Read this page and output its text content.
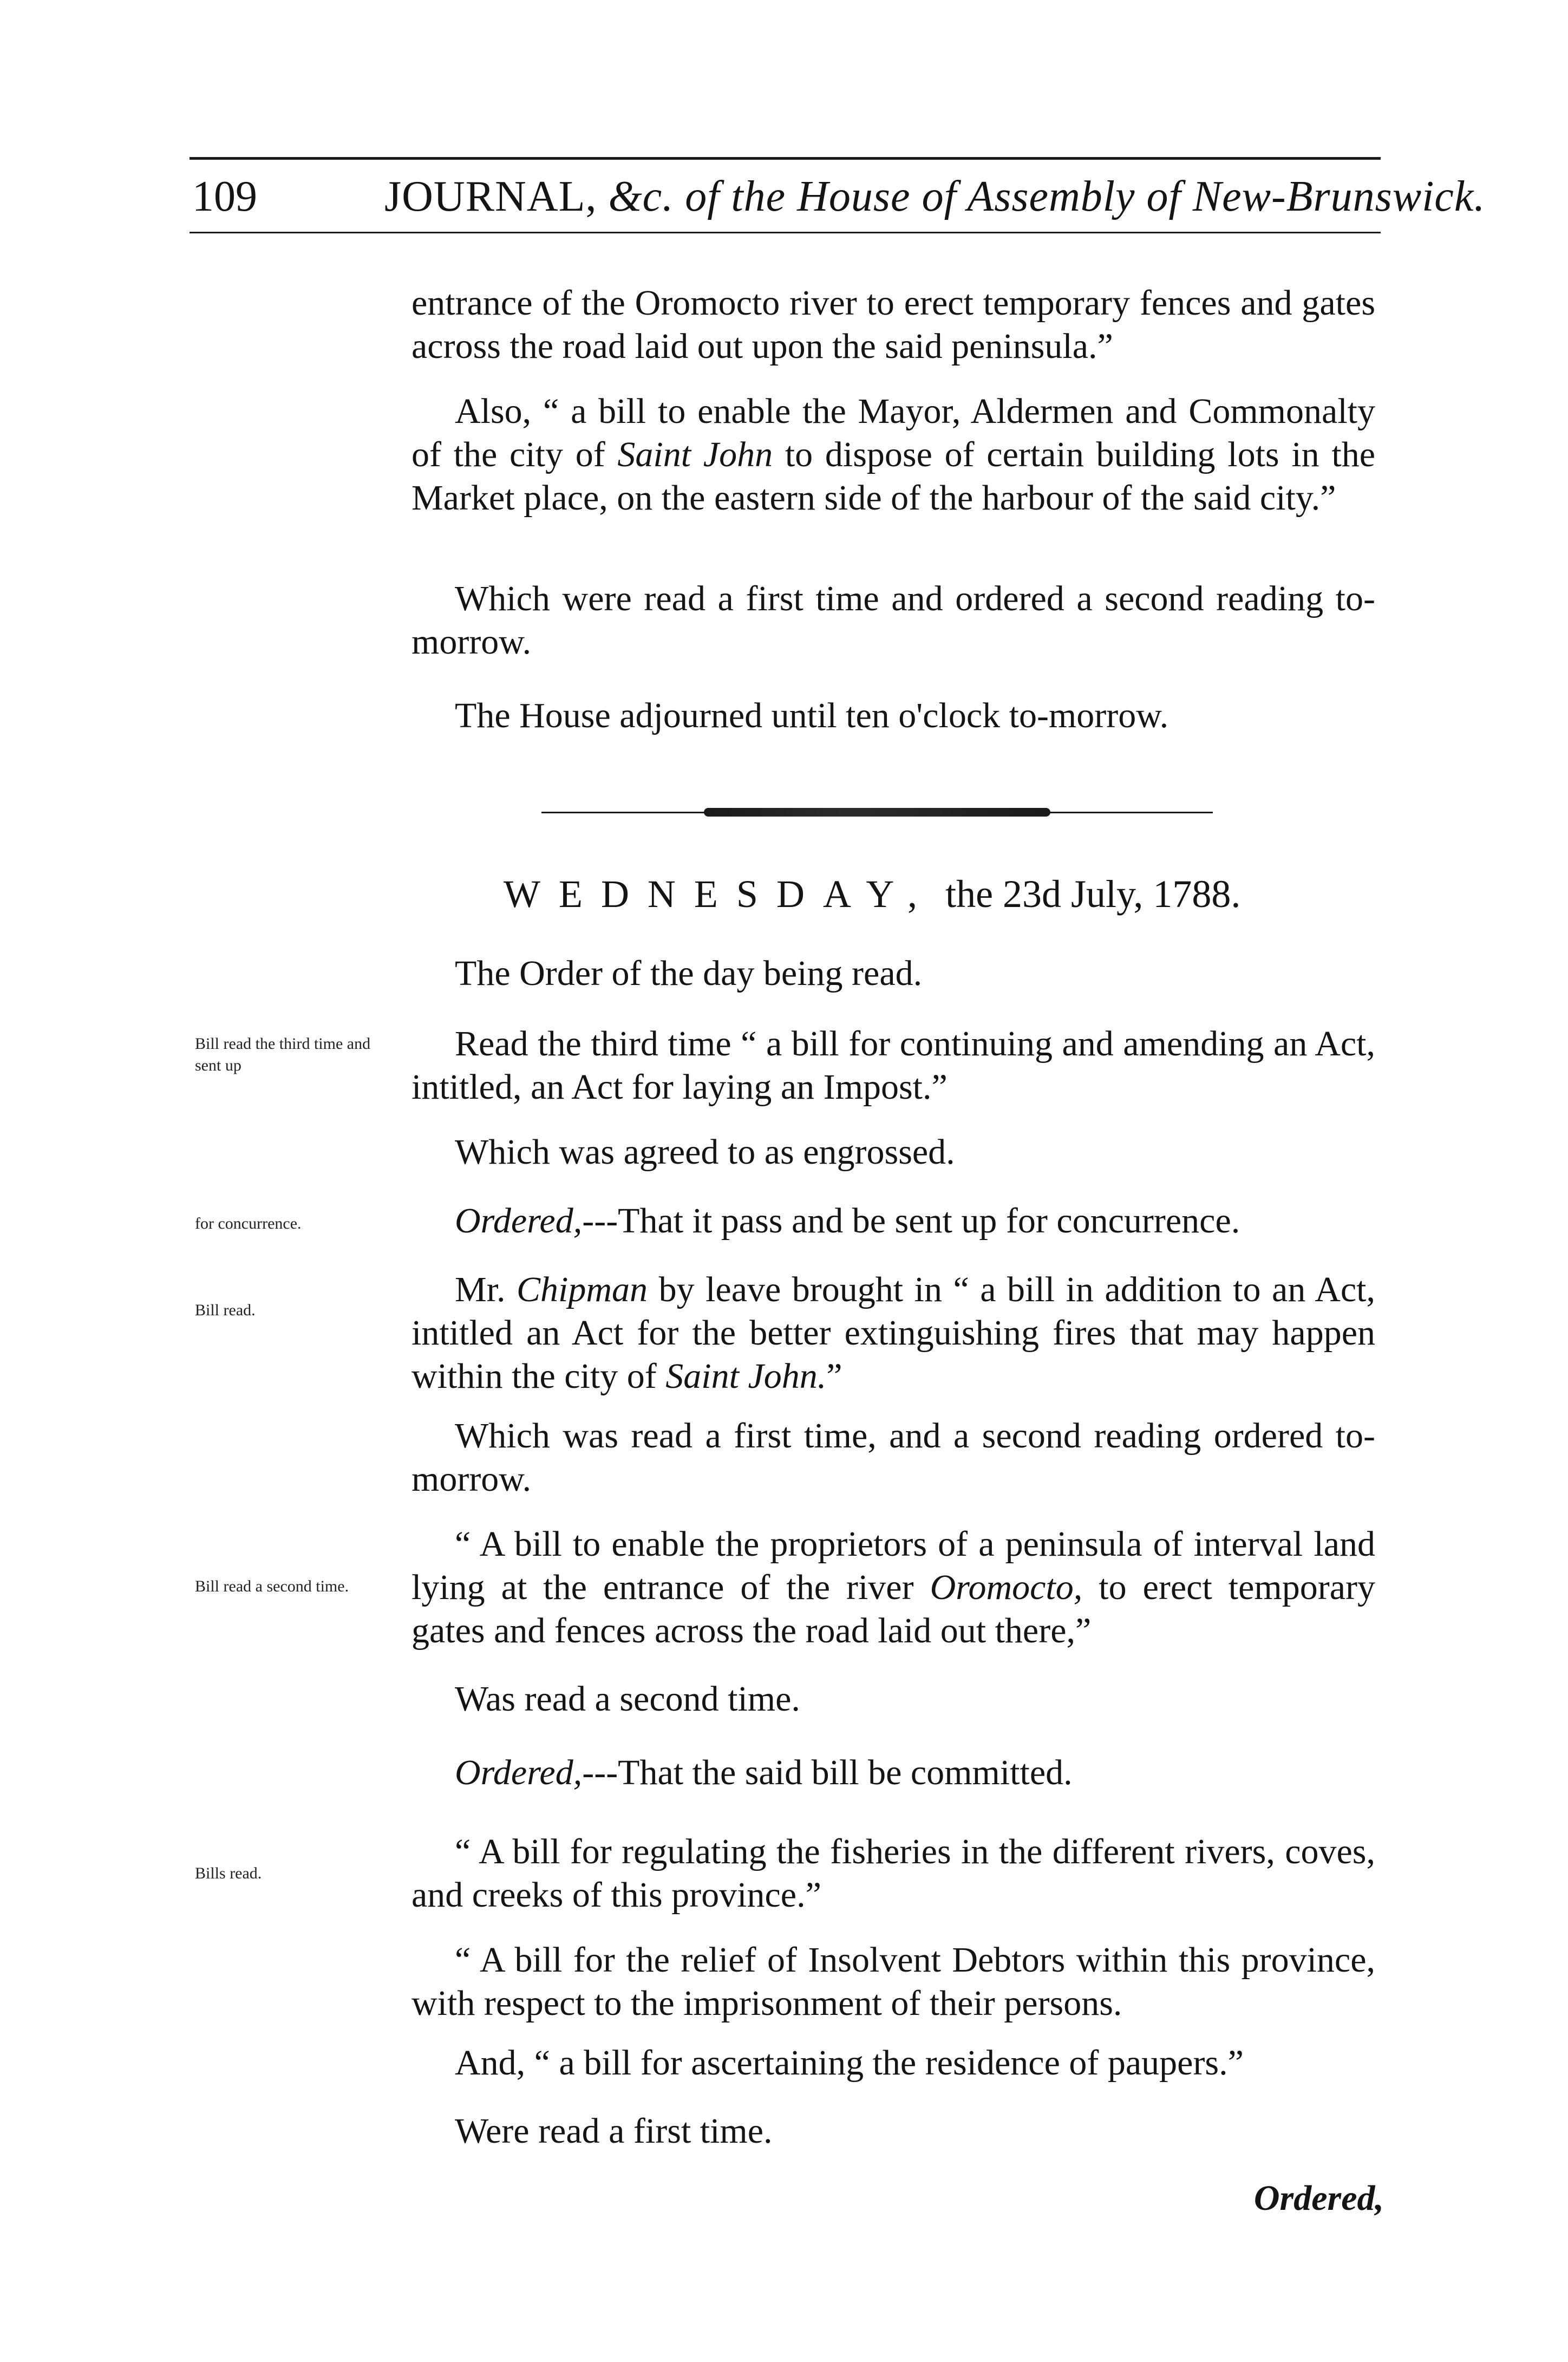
109	JOURNAL, &c. of the House of Assembly of New-Brunswick.

entrance of the Oromocto river to erect temporary fences and gates across the road laid out upon the said peninsula.”

Also, “ a bill to enable the Mayor, Aldermen and Commonalty of the city of Saint John to dispose of certain building lots in the Market place, on the eastern side of the harbour of the said city.”

Which were read a first time and ordered a second reading to-morrow.

The House adjourned until ten o'clock to-morrow.

WEDNESDAY, the 23d July, 1788.

The Order of the day being read.

Bill read the third time and sent up

Read the third time “ a bill for continuing and amending an Act, intitled, an Act for laying an Impost.”

Which was agreed to as engrossed.

for concurrence.	Ordered,---That it pass and be sent up for concurrence.

Bill read.

Mr. Chipman by leave brought in “ a bill in addition to an Act, intitled an Act for the better extinguishing fires that may happen within the city of Saint John.”

Which was read a first time, and a second reading ordered to-morrow.

Bill read a second time.

“ A bill to enable the proprietors of a peninsula of interval land lying at the entrance of the river Oromocto, to erect temporary gates and fences across the road laid out there,”

Was read a second time.

Ordered,---That the said bill be committed.

Bills read.

“ A bill for regulating the fisheries in the different rivers, coves, and creeks of this province.”

“ A bill for the relief of Insolvent Debtors within this province, with respect to the imprisonment of their persons.

And, “ a bill for ascertaining the residence of paupers.”

Were read a first time.

Ordered,
